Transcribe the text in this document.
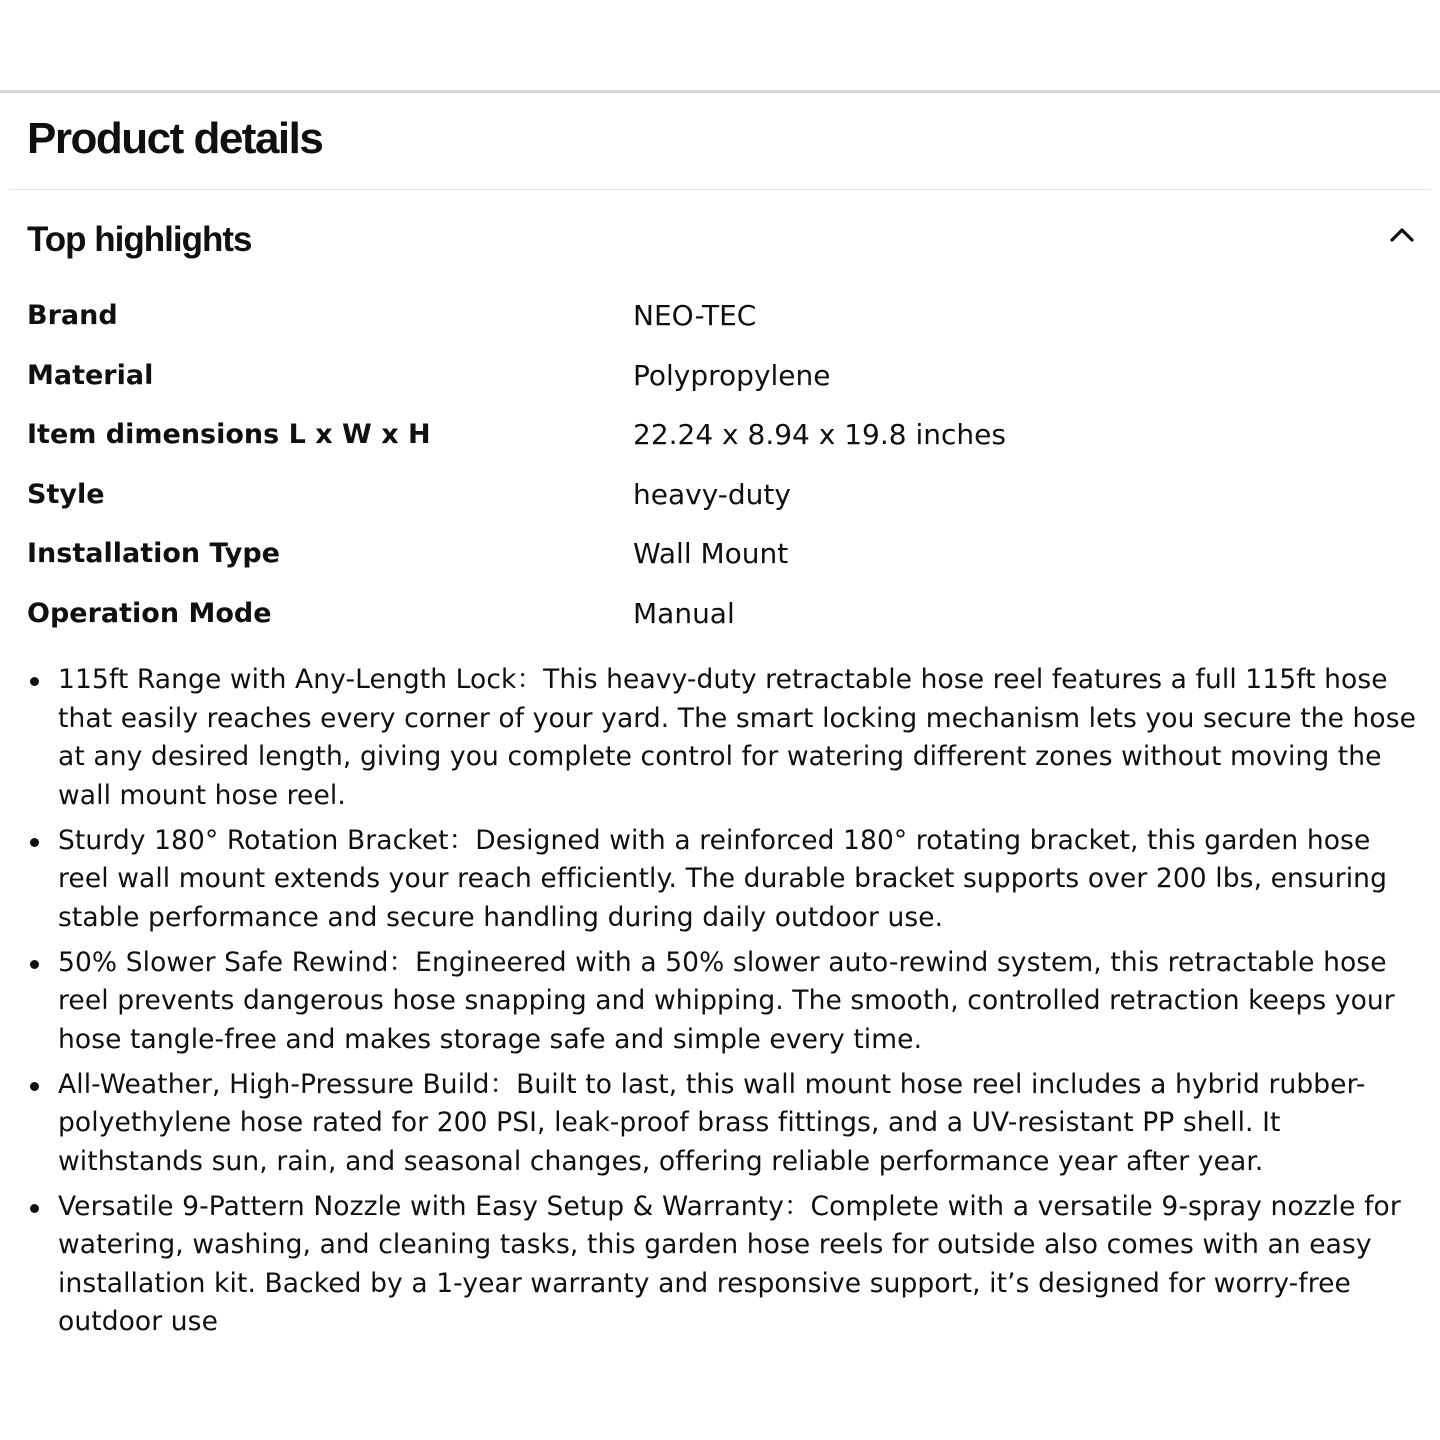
Product details
Top highlights
Brand	NEO-TEC
Material	Polypropylene
Item dimensions L x W x H	22.24 x 8.94 x 19.8 inches
Style	heavy-duty
Installation Type	Wall Mount
Operation Mode	Manual
115ft Range with Any-Length Lock：This heavy-duty retractable hose reel features a full 115ft hose that easily reaches every corner of your yard. The smart locking mechanism lets you secure the hose at any desired length, giving you complete control for watering different zones without moving the wall mount hose reel.
Sturdy 180° Rotation Bracket：Designed with a reinforced 180° rotating bracket, this garden hose reel wall mount extends your reach efficiently. The durable bracket supports over 200 lbs, ensuring stable performance and secure handling during daily outdoor use.
50% Slower Safe Rewind：Engineered with a 50% slower auto-rewind system, this retractable hose reel prevents dangerous hose snapping and whipping. The smooth, controlled retraction keeps your hose tangle-free and makes storage safe and simple every time.
All-Weather, High-Pressure Build：Built to last, this wall mount hose reel includes a hybrid rubber-polyethylene hose rated for 200 PSI, leak-proof brass fittings, and a UV-resistant PP shell. It withstands sun, rain, and seasonal changes, offering reliable performance year after year.
Versatile 9-Pattern Nozzle with Easy Setup & Warranty：Complete with a versatile 9-spray nozzle for watering, washing, and cleaning tasks, this garden hose reels for outside also comes with an easy installation kit. Backed by a 1-year warranty and responsive support, it’s designed for worry-free outdoor use
